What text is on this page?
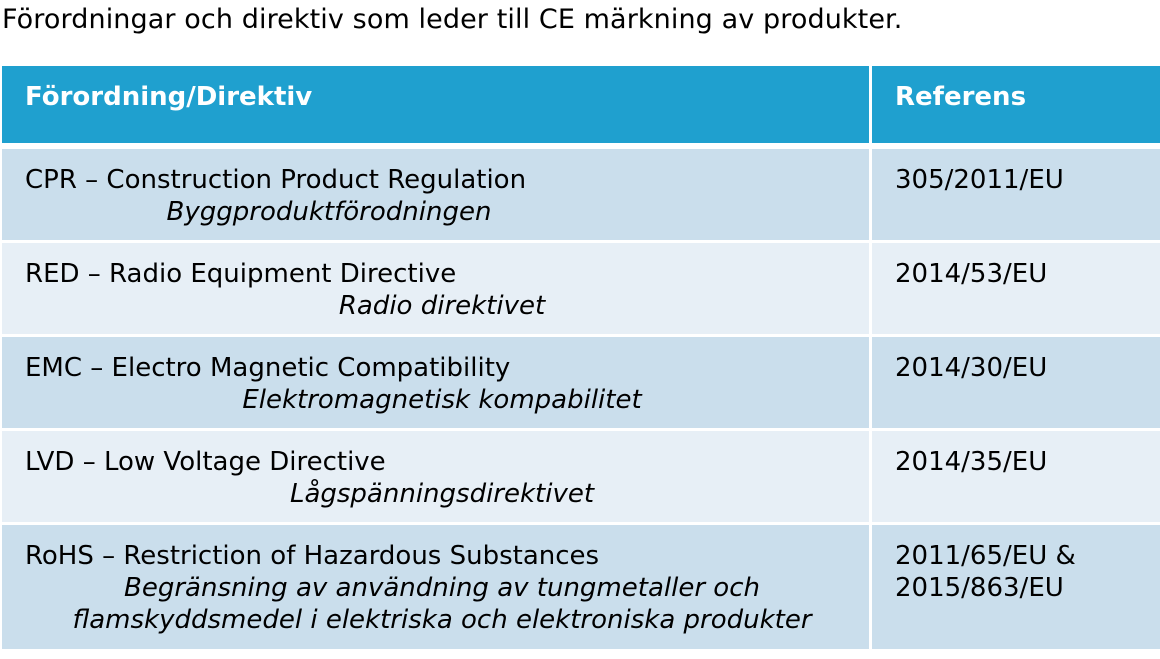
Förordningar och direktiv som leder till CE märkning av produkter.
Förordning/Direktiv	Referens
CPR – Construction Product Regulation
Byggproduktförodningen
305/2011/EU
RED – Radio Equipment Directive
Radio direktivet
2014/53/EU
EMC – Electro Magnetic Compatibility
Elektromagnetisk kompabilitet
2014/30/EU
LVD – Low Voltage Directive
Lågspänningsdirektivet
2014/35/EU
RoHS – Restriction of Hazardous Substances
Begränsning av användning av tungmetaller och
flamskyddsmedel i elektriska och elektroniska produkter
2011/65/EU &
2015/863/EU
